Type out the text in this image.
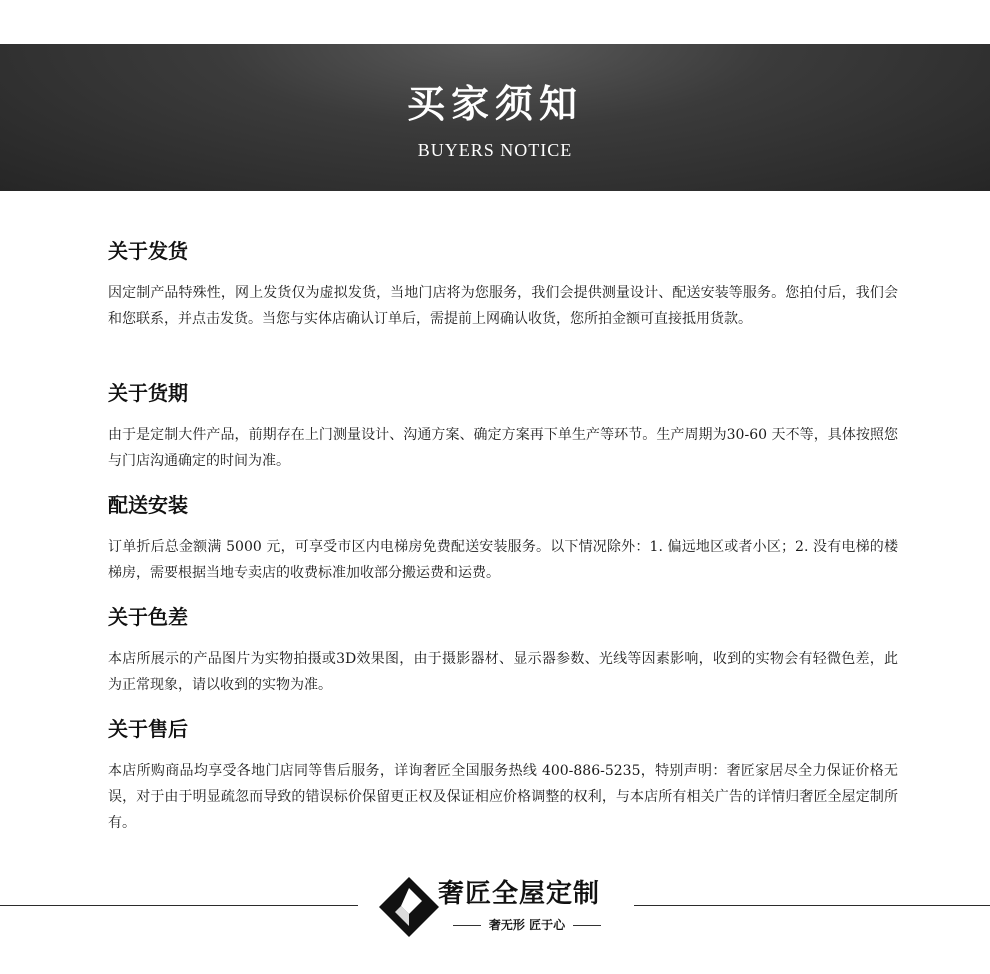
买家须知
BUYERS NOTICE
关于发货

因定制产品特殊性，网上发货仅为虚拟发货，当地门店将为您服务，我们会提供测量设计、配送安装等服务。您拍付后，我们会和您联系，并点击发货。当您与实体店确认订单后，需提前上网确认收货，您所拍金额可直接抵用货款。

关于货期

由于是定制大件产品，前期存在上门测量设计、沟通方案、确定方案再下单生产等环节。生产周期为30-60 天不等，具体按照您与门店沟通确定的时间为准。

配送安装

订单折后总金额满 5000 元，可享受市区内电梯房免费配送安装服务。以下情况除外：1. 偏远地区或者小区；2. 没有电梯的楼梯房，需要根据当地专卖店的收费标准加收部分搬运费和运费。

关于色差

本店所展示的产品图片为实物拍摄或3D效果图，由于摄影器材、显示器参数、光线等因素影响，收到的实物会有轻微色差，此为正常现象，请以收到的实物为准。

关于售后

本店所购商品均享受各地门店同等售后服务，详询奢匠全国服务热线 400-886-5235，特别声明：奢匠家居尽全力保证价格无误，对于由于明显疏忽而导致的错误标价保留更正权及保证相应价格调整的权利，与本店所有相关广告的详情归奢匠全屋定制所有。

奢匠全屋定制
奢无形 匠于心
